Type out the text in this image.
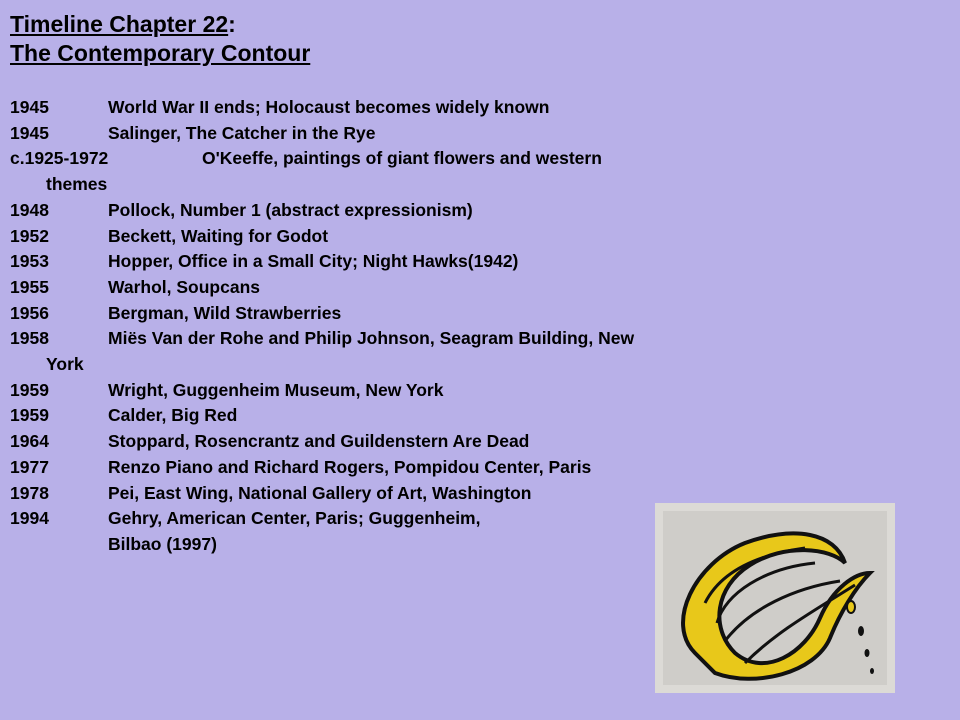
Timeline Chapter 22:
The Contemporary Contour
1945	World War II ends; Holocaust becomes widely known
1945	Salinger, The Catcher in the Rye
c.1925-1972	O'Keeffe, paintings of giant flowers and western
themes
1948	Pollock, Number 1 (abstract expressionism)
1952	Beckett, Waiting for Godot
1953	Hopper, Office in a Small City; Night Hawks(1942)
1955	Warhol, Soupcans
1956	Bergman, Wild Strawberries
1958	Miës Van der Rohe and Philip Johnson, Seagram Building, New
York
1959	Wright, Guggenheim Museum, New York
1959	Calder, Big Red
1964	Stoppard, Rosencrantz and Guildenstern Are Dead
1977	Renzo Piano and Richard Rogers, Pompidou Center, Paris
1978	Pei, East Wing, National Gallery of Art, Washington
1994	Gehry, American Center, Paris; Guggenheim,
Bilbao (1997)
